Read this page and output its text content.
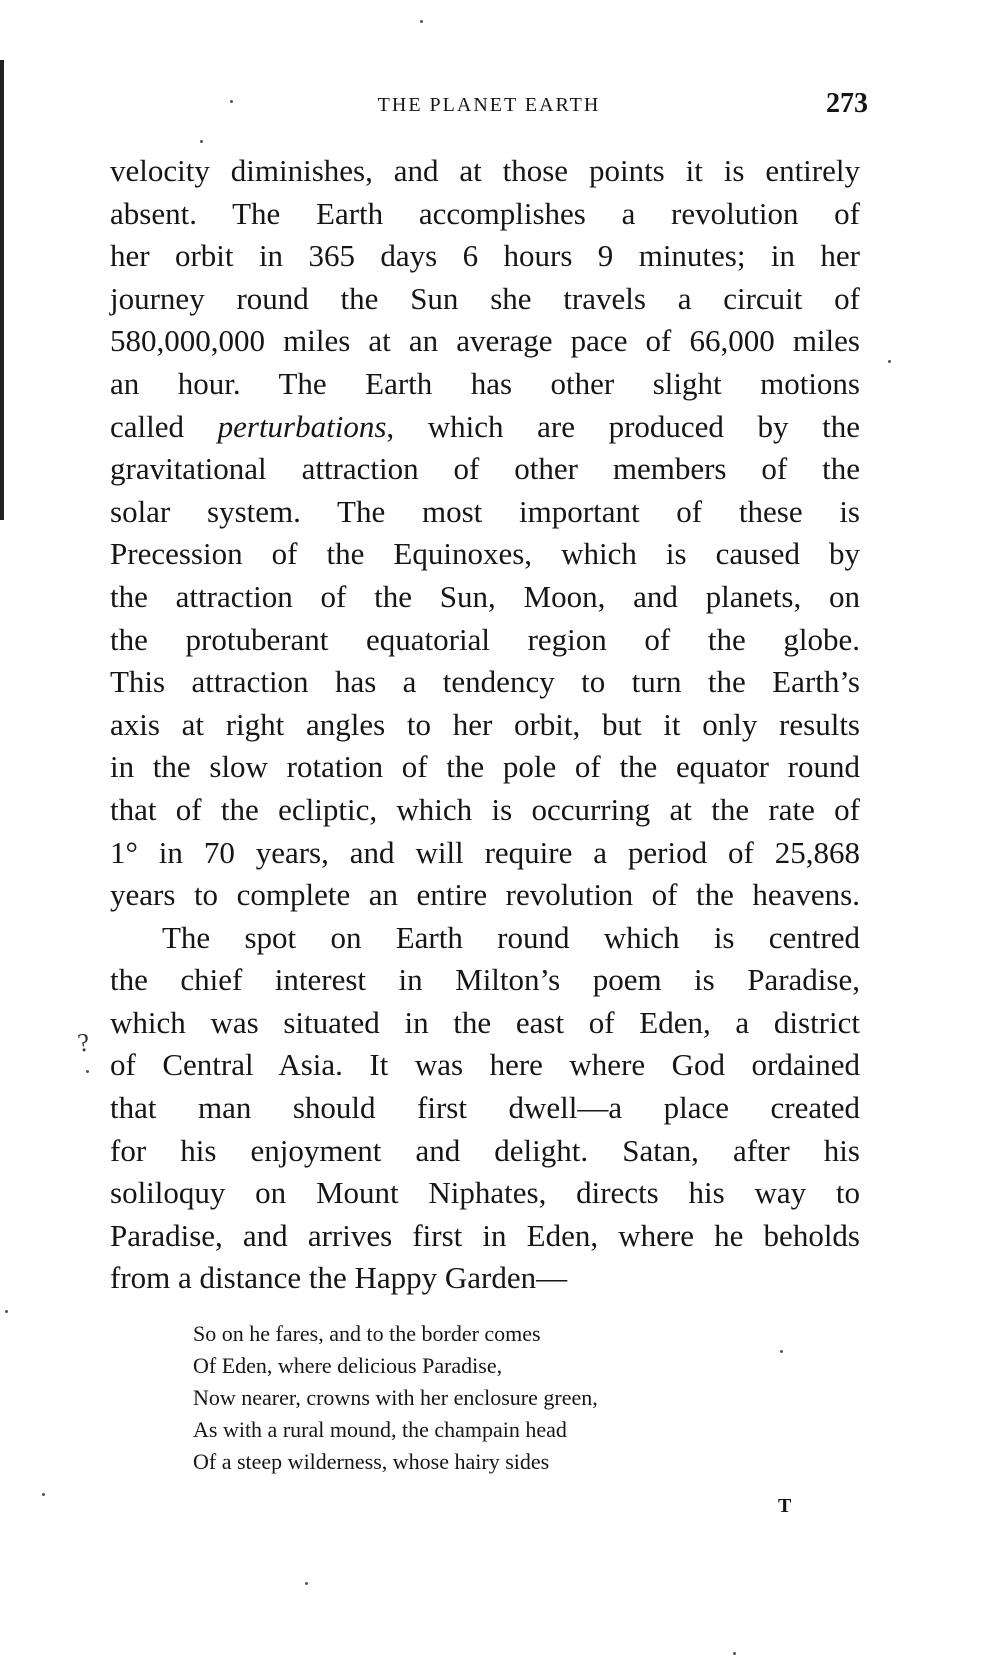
THE PLANET EARTH	273
velocity diminishes, and at those points it is entirely
absent. The Earth accomplishes a revolution of
her orbit in 365 days 6 hours 9 minutes; in her
journey round the Sun she travels a circuit of
580,000,000 miles at an average pace of 66,000 miles
an hour. The Earth has other slight motions
called perturbations, which are produced by the
gravitational attraction of other members of the
solar system. The most important of these is
Precession of the Equinoxes, which is caused by
the attraction of the Sun, Moon, and planets, on
the protuberant equatorial region of the globe.
This attraction has a tendency to turn the Earth’s
axis at right angles to her orbit, but it only results
in the slow rotation of the pole of the equator round
that of the ecliptic, which is occurring at the rate of
1° in 70 years, and will require a period of 25,868
years to complete an entire revolution of the heavens.
The spot on Earth round which is centred
the chief interest in Milton’s poem is Paradise,
which was situated in the east of Eden, a district
of Central Asia. It was here where God ordained
that man should first dwell—a place created
for his enjoyment and delight. Satan, after his
soliloquy on Mount Niphates, directs his way to
Paradise, and arrives first in Eden, where he beholds
from a distance the Happy Garden—
So on he fares, and to the border comes
Of Eden, where delicious Paradise,
Now nearer, crowns with her enclosure green,
As with a rural mound, the champain head
Of a steep wilderness, whose hairy sides
T
?
